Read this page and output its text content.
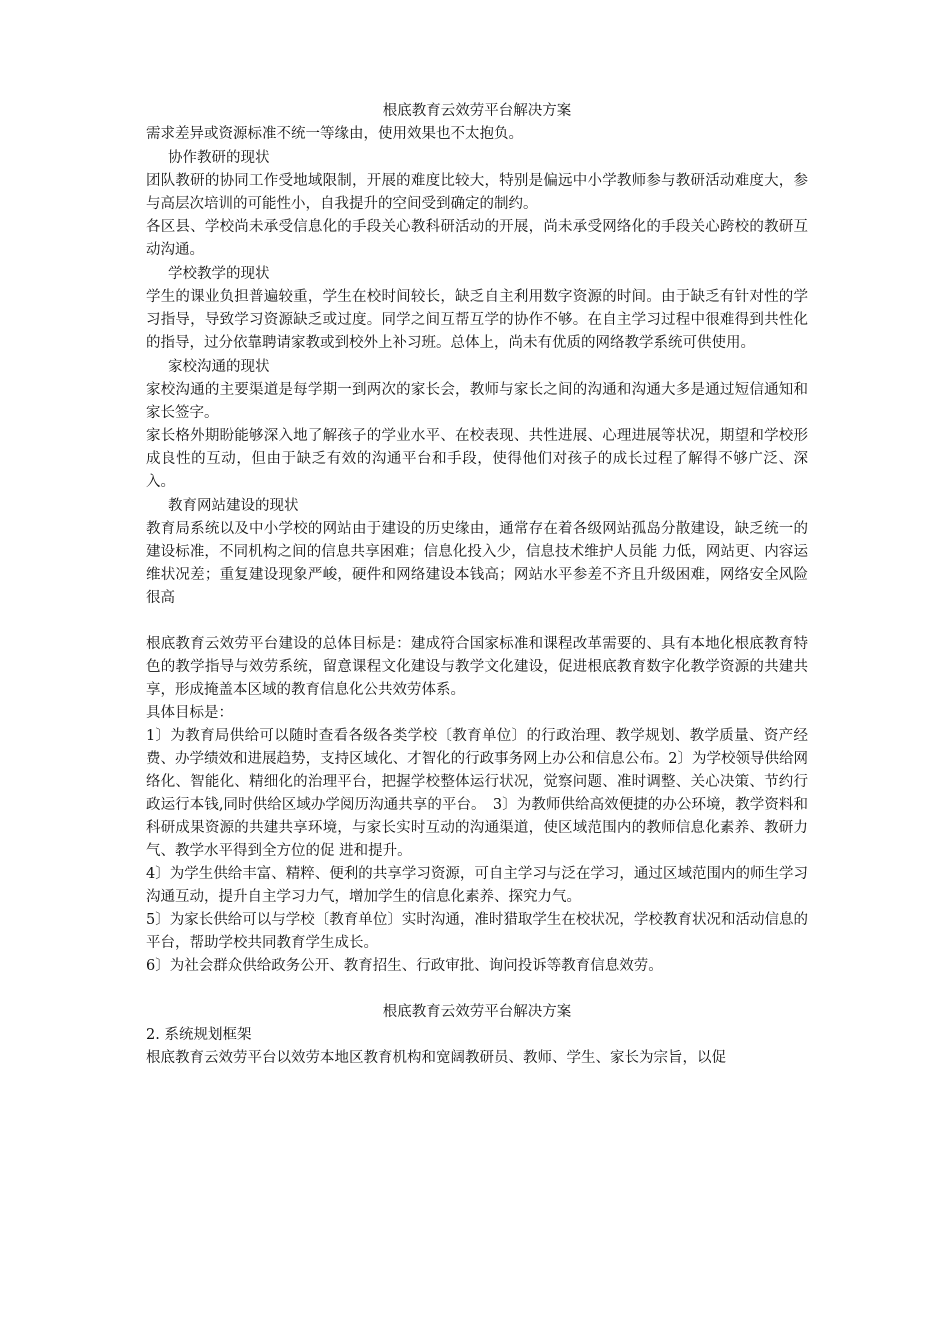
根底教育云效劳平台解决方案
需求差异或资源标准不统一等缘由，使用效果也不太抱负。
协作教研的现状
团队教研的协同工作受地域限制，开展的难度比较大，特别是偏远中小学教师参与教研活动难度大，参与高层次培训的可能性小，自我提升的空间受到确定的制约。
各区县、学校尚未承受信息化的手段关心教科研活动的开展，尚未承受网络化的手段关心跨校的教研互动沟通。
学校教学的现状
学生的课业负担普遍较重，学生在校时间较长，缺乏自主利用数字资源的时间。由于缺乏有针对性的学习指导，导致学习资源缺乏或过度。同学之间互帮互学的协作不够。在自主学习过程中很难得到共性化的指导，过分依靠聘请家教或到校外上补习班。总体上，尚未有优质的网络教学系统可供使用。
家校沟通的现状
家校沟通的主要渠道是每学期一到两次的家长会，教师与家长之间的沟通和沟通大多是通过短信通知和家长签字。
家长格外期盼能够深入地了解孩子的学业水平、在校表现、共性进展、心理进展等状况，期望和学校形成良性的互动，但由于缺乏有效的沟通平台和手段，使得他们对孩子的成长过程了解得不够广泛、深入。
教育网站建设的现状
教育局系统以及中小学校的网站由于建设的历史缘由，通常存在着各级网站孤岛分散建设，缺乏统一的建设标准，不同机构之间的信息共享困难；信息化投入少，信息技术维护人员能 力低，网站更、内容运维状况差；重复建设现象严峻，硬件和网络建设本钱高；网站水平参差不齐且升级困难，网络安全风险很高
根底教育云效劳平台建设的总体目标是：建成符合国家标准和课程改革需要的、具有本地化根底教育特色的教学指导与效劳系统，留意课程文化建设与教学文化建设，促进根底教育数字化教学资源的共建共享，形成掩盖本区域的教育信息化公共效劳体系。
具体目标是：
1〕为教育局供给可以随时查看各级各类学校〔教育单位〕的行政治理、教学规划、教学质量、资产经费、办学绩效和进展趋势，支持区域化、才智化的行政事务网上办公和信息公布。2〕为学校领导供给网络化、智能化、精细化的治理平台，把握学校整体运行状况，觉察问题、准时调整、关心决策、节约行政运行本钱,同时供给区域办学阅历沟通共享的平台。　3〕为教师供给高效便捷的办公环境，教学资料和科研成果资源的共建共享环境，与家长实时互动的沟通渠道，使区域范围内的教师信息化素养、教研力气、教学水平得到全方位的促 进和提升。
4〕为学生供给丰富、精粹、便利的共享学习资源，可自主学习与泛在学习，通过区域范围内的师生学习沟通互动，提升自主学习力气，增加学生的信息化素养、探究力气。
5〕为家长供给可以与学校〔教育单位〕实时沟通，准时猎取学生在校状况，学校教育状况和活动信息的平台，帮助学校共同教育学生成长。
6〕为社会群众供给政务公开、教育招生、行政审批、询问投诉等教育信息效劳。
根底教育云效劳平台解决方案
2. 系统规划框架
根底教育云效劳平台以效劳本地区教育机构和宽阔教研员、教师、学生、家长为宗旨，以促
